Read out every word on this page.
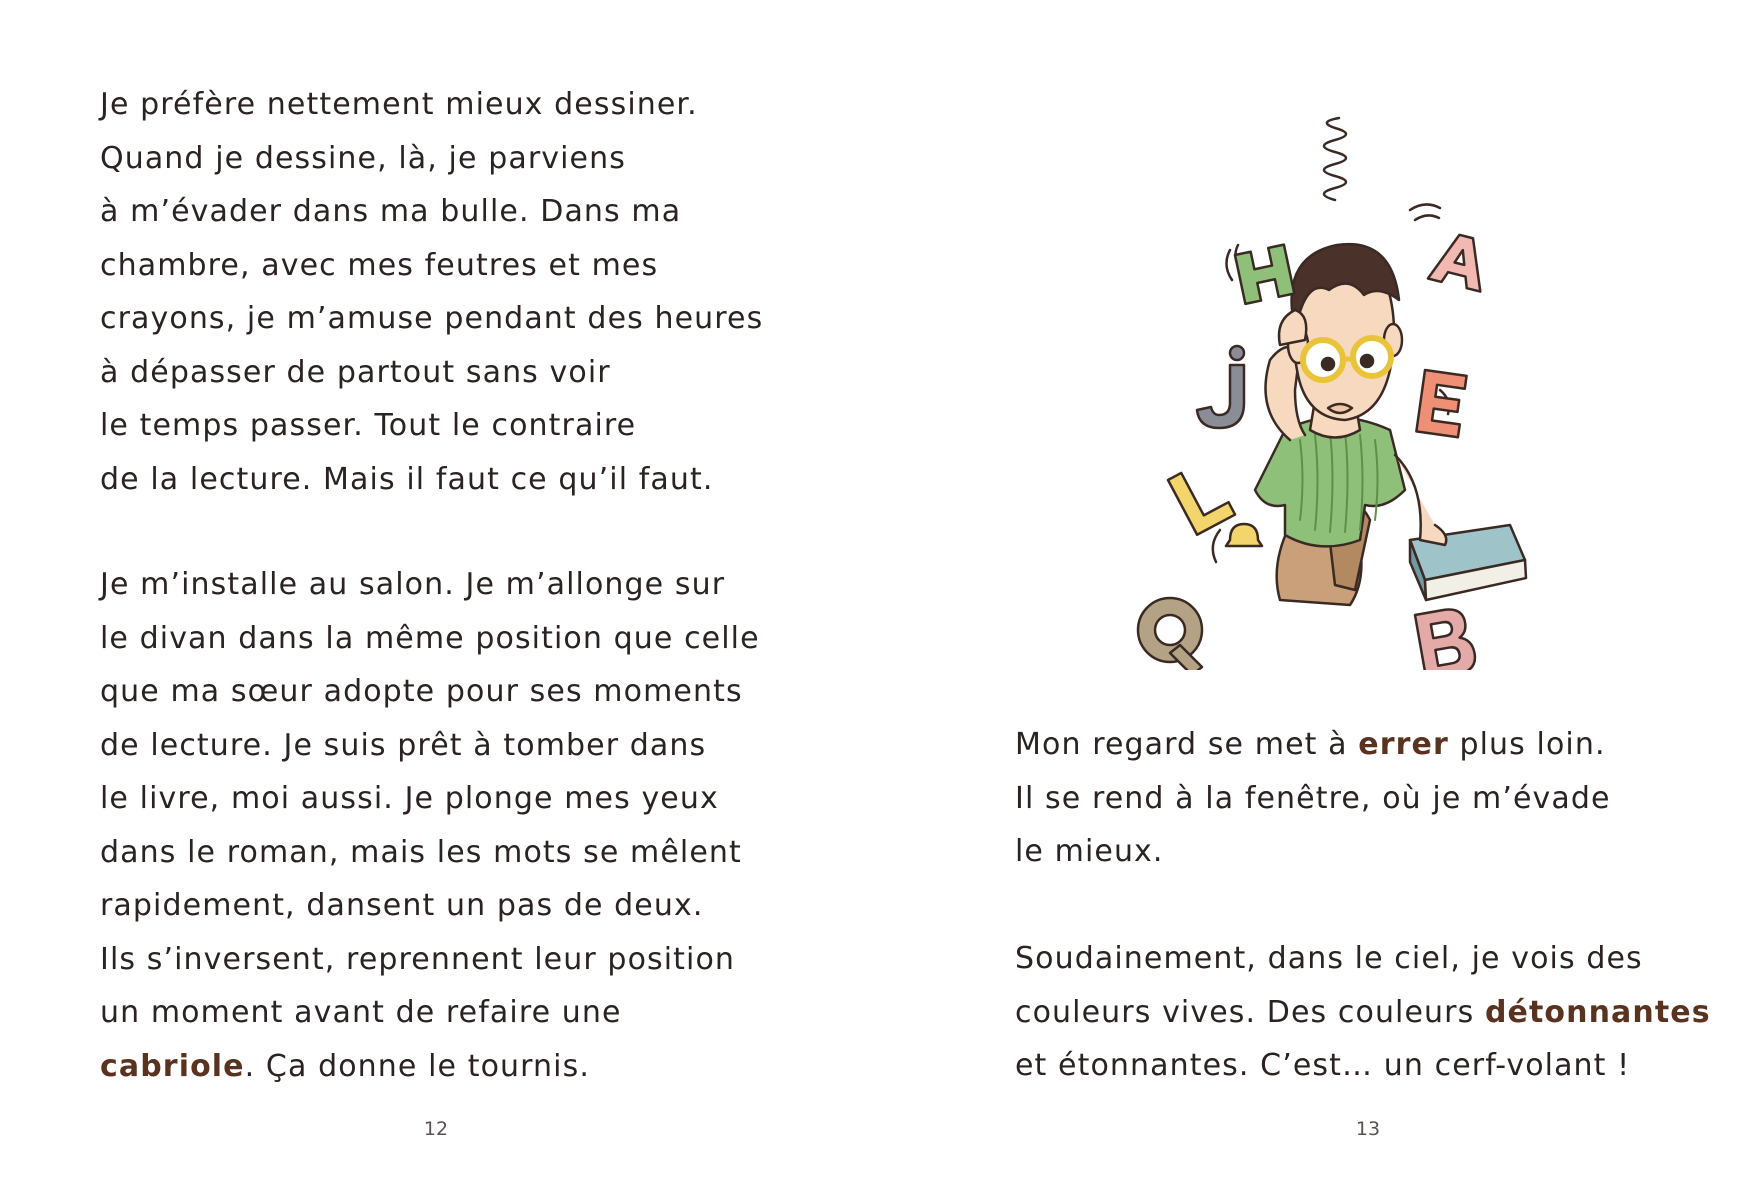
Je préfère nettement mieux dessiner.
Quand je dessine, là, je parviens
à m’évader dans ma bulle. Dans ma
chambre, avec mes feutres et mes
crayons, je m’amuse pendant des heures
à dépasser de partout sans voir
le temps passer. Tout le contraire
de la lecture. Mais il faut ce qu’il faut.
Je m’installe au salon. Je m’allonge sur
le divan dans la même position que celle
que ma sœur adopte pour ses moments
de lecture. Je suis prêt à tomber dans
le livre, moi aussi. Je plonge mes yeux
dans le roman, mais les mots se mêlent
rapidement, dansent un pas de deux.
Ils s’inversent, reprennent leur position
un moment avant de refaire une
cabriole. Ça donne le tournis.
12
Mon regard se met à errer plus loin.
Il se rend à la fenêtre, où je m’évade
le mieux.
Soudainement, dans le ciel, je vois des
couleurs vives. Des couleurs détonnantes
et étonnantes. C’est… un cerf-volant !
13
